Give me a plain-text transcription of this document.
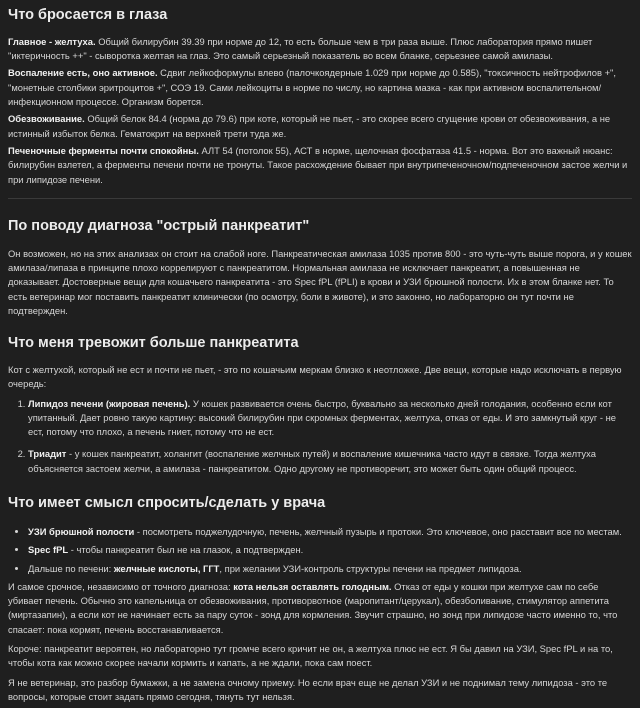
Что бросается в глаза

Главное - желтуха. Общий билирубин 39.39 при норме до 12, то есть больше чем в три раза выше. Плюс лаборатория прямо пишет "иктеричность ++" - сыворотка желтая на глаз. Это самый серьезный показатель во всем бланке, серьезнее самой амилазы.

Воспаление есть, оно активное. Сдвиг лейкоформулы влево (палочкоядерные 1.029 при норме до 0.585), "токсичность нейтрофилов +", "монетные столбики эритроцитов +", СОЭ 19. Сами лейкоциты в норме по числу, но картина мазка - как при активном воспалительном/инфекционном процессе. Организм борется.

Обезвоживание. Общий белок 84.4 (норма до 79.6) при коте, который не пьет, - это скорее всего сгущение крови от обезвоживания, а не истинный избыток белка. Гематокрит на верхней трети туда же.

Печеночные ферменты почти спокойны. АЛТ 54 (потолок 55), АСТ в норме, щелочная фосфатаза 41.5 - норма. Вот это важный нюанс: билирубин взлетел, а ферменты печени почти не тронуты. Такое расхождение бывает при внутрипеченочном/подпеченочном застое желчи и при липидозе печени.

По поводу диагноза "острый панкреатит"

Он возможен, но на этих анализах он стоит на слабой ноге. Панкреатическая амилаза 1035 против 800 - это чуть-чуть выше порога, и у кошек амилаза/липаза в принципе плохо коррелируют с панкреатитом. Нормальная амилаза не исключает панкреатит, а повышенная не доказывает. Достоверные вещи для кошачьего панкреатита - это Spec fPL (fPLI) в крови и УЗИ брюшной полости. Их в этом бланке нет. То есть ветеринар мог поставить панкреатит клинически (по осмотру, боли в животе), и это законно, но лабораторно он тут почти не подтвержден.

Что меня тревожит больше панкреатита

Кот с желтухой, который не ест и почти не пьет, - это по кошачьим меркам близко к неотложке. Две вещи, которые надо исключать в первую очередь:

1. Липидоз печени (жировая печень). У кошек развивается очень быстро, буквально за несколько дней голодания, особенно если кот упитанный. Дает ровно такую картину: высокий билирубин при скромных ферментах, желтуха, отказ от еды. И это замкнутый круг - не ест, потому что плохо, а печень гниет, потому что не ест.
2. Триадит - у кошек панкреатит, холангит (воспаление желчных путей) и воспаление кишечника часто идут в связке. Тогда желтуха объясняется застоем желчи, а амилаза - панкреатитом. Одно другому не противоречит, это может быть один общий процесс.
Что имеет смысл спросить/сделать у врача
• УЗИ брюшной полости - посмотреть поджелудочную, печень, желчный пузырь и протоки. Это ключевое, оно расставит все по местам.
• Spec fPL - чтобы панкреатит был не на глазок, а подтвержден.
• Дальше по печени: желчные кислоты, ГГТ, при желании УЗИ-контроль структуры печени на предмет липидоза.

И самое срочное, независимо от точного диагноза: кота нельзя оставлять голодным. Отказ от еды у кошки при желтухе сам по себе убивает печень. Обычно это капельница от обезвоживания, противорвотное (маропитант/церукал), обезболивание, стимулятор аппетита (миртазапин), а если кот не начинает есть за пару суток - зонд для кормления. Звучит страшно, но зонд при липидозе часто именно то, что спасает: пока кормят, печень восстанавливается.

Короче: панкреатит вероятен, но лабораторно тут громче всего кричит не он, а желтуха плюс не ест. Я бы давил на УЗИ, Spec fPL и на то, чтобы кота как можно скорее начали кормить и капать, а не ждали, пока сам поест.

Я не ветеринар, это разбор бумажки, а не замена очному приему. Но если врач еще не делал УЗИ и не поднимал тему липидоза - это те вопросы, которые стоит задать прямо сегодня, тянуть тут нельзя.
